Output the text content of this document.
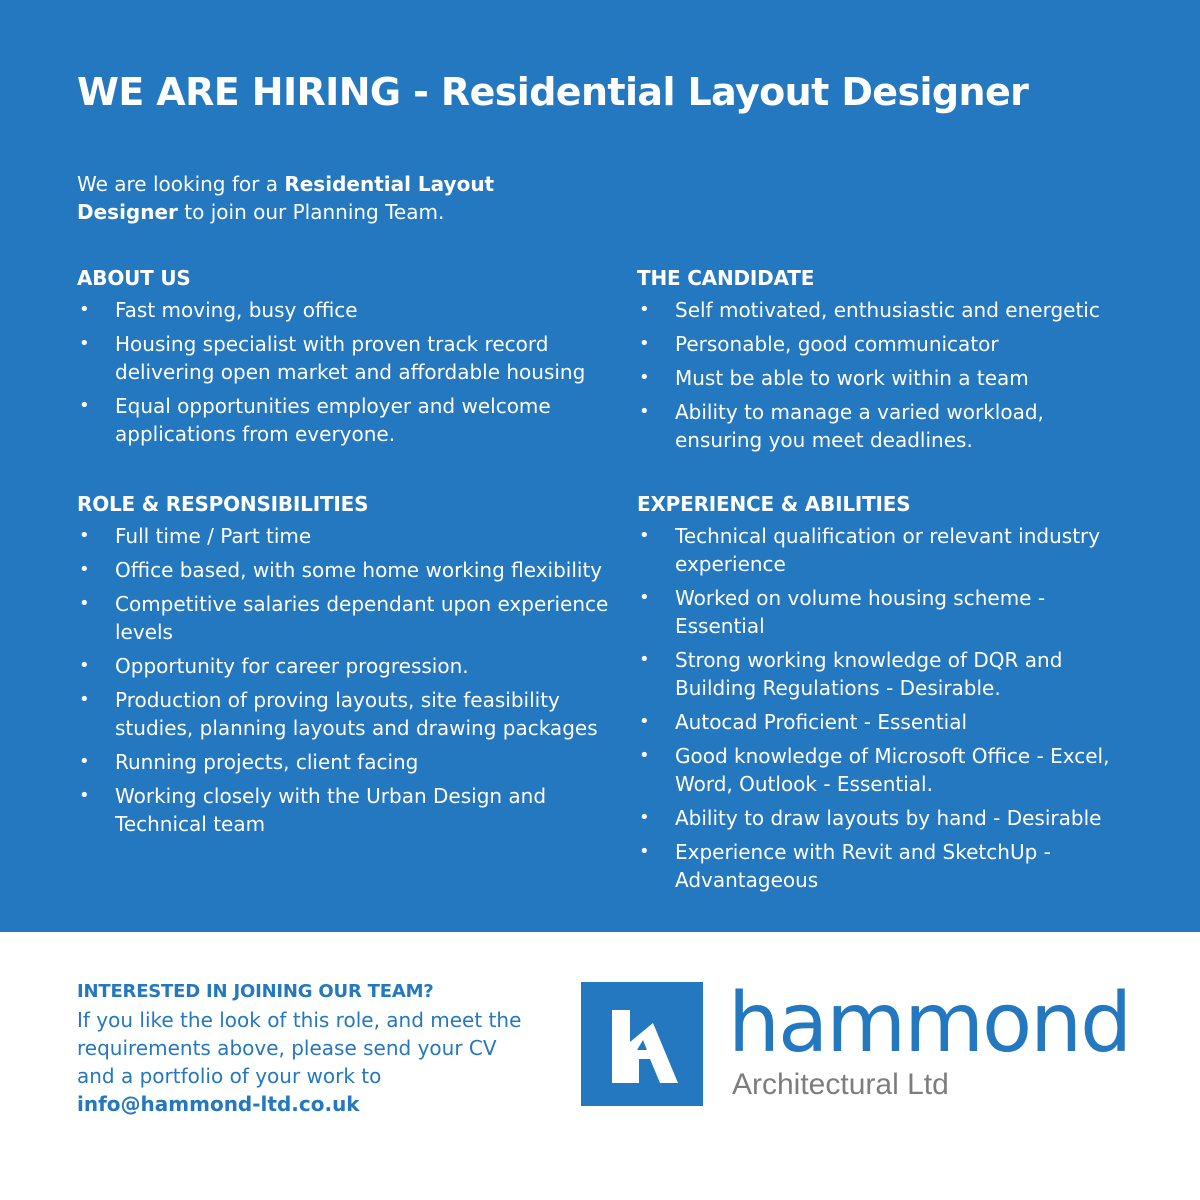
WE ARE HIRING - Residential Layout Designer

We are looking for a Residential Layout Designer to join our Planning Team.

ABOUT US
• Fast moving, busy office
• Housing specialist with proven track record delivering open market and affordable housing
• Equal opportunities employer and welcome applications from everyone.
ROLE & RESPONSIBILITIES
• Full time / Part time
• Office based, with some home working flexibility
• Competitive salaries dependant upon experience levels
• Opportunity for career progression.
• Production of proving layouts, site feasibility studies, planning layouts and drawing packages
• Running projects, client facing
• Working closely with the Urban Design and Technical team
THE CANDIDATE
• Self motivated, enthusiastic and energetic
• Personable, good communicator
• Must be able to work within a team
• Ability to manage a varied workload, ensuring you meet deadlines.
EXPERIENCE & ABILITIES
• Technical qualification or relevant industry experience
• Worked on volume housing scheme - Essential
• Strong working knowledge of DQR and Building Regulations - Desirable.
• Autocad Proficient - Essential
• Good knowledge of Microsoft Office - Excel, Word, Outlook - Essential.
• Ability to draw layouts by hand - Desirable
• Experience with Revit and SketchUp - Advantageous
INTERESTED IN JOINING OUR TEAM?
If you like the look of this role, and meet the requirements above, please send your CV and a portfolio of your work to
info@hammond-ltd.co.uk
hammond
Architectural Ltd
